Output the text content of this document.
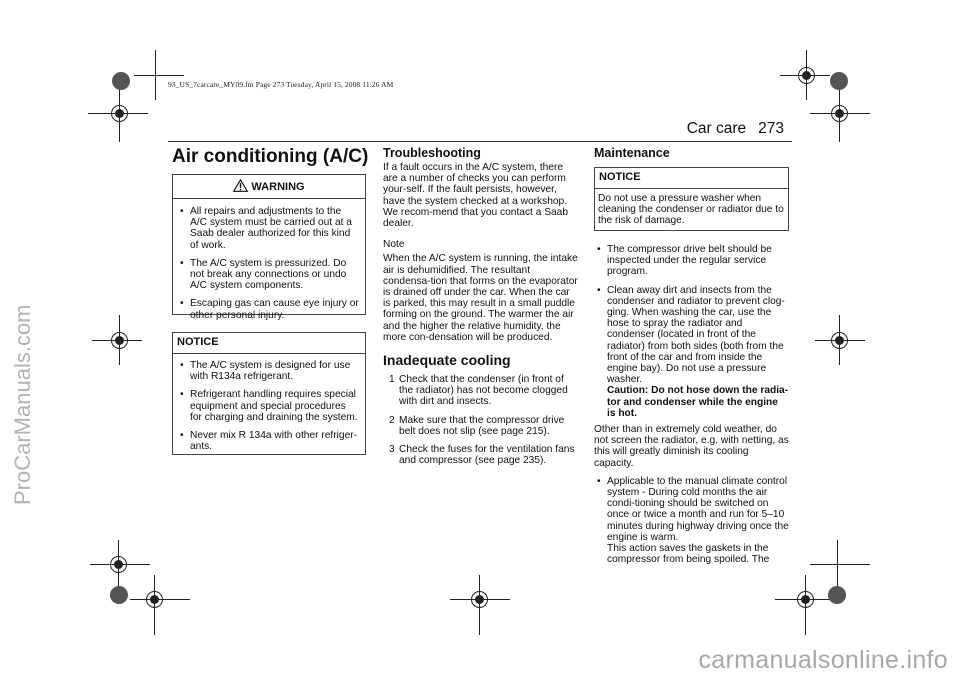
93_US_7carcare_MY09.fm Page 273 Tuesday, April 15, 2008 11:26 AM
ProCarManuals.com
Car care 273
Air conditioning (A/C)
WARNING
• All repairs and adjustments to the A/C system must be carried out at a Saab dealer authorized for this kind of work.
• The A/C system is pressurized. Do not break any connections or undo A/C system components.
• Escaping gas can cause eye injury or other personal injury.
NOTICE
• The A/C system is designed for use with R134a refrigerant.
• Refrigerant handling requires special equipment and special procedures for charging and draining the system.
• Never mix R 134a with other refriger-ants.
Troubleshooting
If a fault occurs in the A/C system, there are a number of checks you can perform your-self. If the fault persists, however, have the system checked at a workshop. We recom-mend that you contact a Saab dealer.
Note
When the A/C system is running, the intake air is dehumidified. The resultant condensa-tion that forms on the evaporator is drained off under the car. When the car is parked, this may result in a small puddle forming on the ground. The warmer the air and the higher the relative humidity, the more con-densation will be produced.
Inadequate cooling
1 Check that the condenser (in front of the radiator) has not become clogged with dirt and insects.
2 Make sure that the compressor drive belt does not slip (see page 215).
3 Check the fuses for the ventilation fans and compressor (see page 235).
Maintenance
NOTICE
Do not use a pressure washer when cleaning the condenser or radiator due to the risk of damage.
• The compressor drive belt should be inspected under the regular service program.
• Clean away dirt and insects from the condenser and radiator to prevent clog-ging. When washing the car, use the hose to spray the radiator and condenser (located in front of the radiator) from both sides (both from the front of the car and from inside the engine bay). Do not use a pressure washer.
Caution: Do not hose down the radia-tor and condenser while the engine is hot.
Other than in extremely cold weather, do not screen the radiator, e.g. with netting, as this will greatly diminish its cooling capacity.
• Applicable to the manual climate control system - During cold months the air condi-tioning should be switched on once or twice a month and run for 5–10 minutes during highway driving once the engine is warm.
This action saves the gaskets in the compressor from being spoiled. The
carmanualsonline.info
